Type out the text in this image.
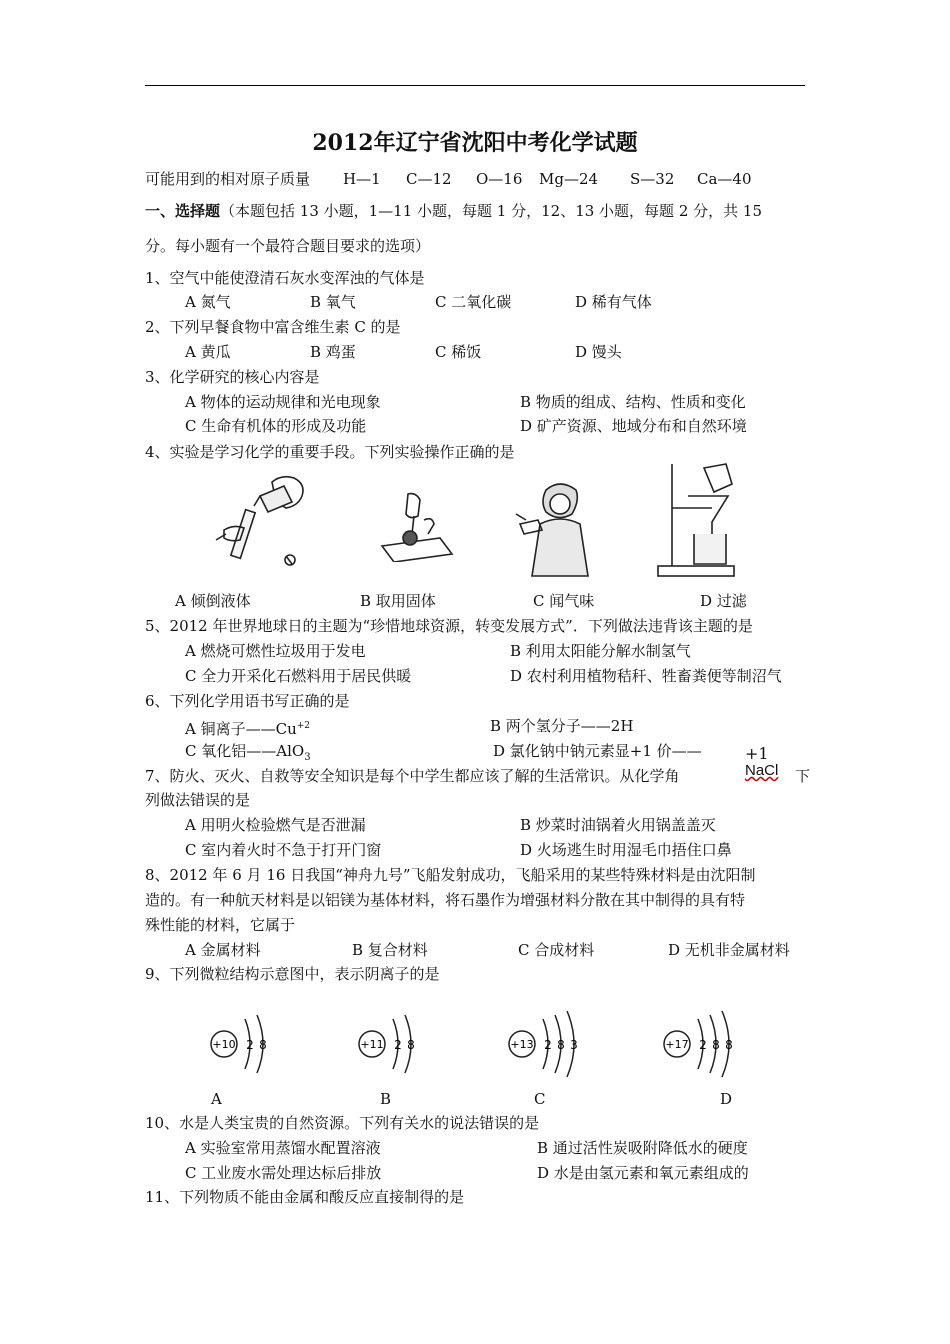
2012年辽宁省沈阳中考化学试题
可能用到的相对原子质量 H—1 C—12 O—16 Mg—24 S—32 Ca—40
一、选择题（本题包括 13 小题，1—11 小题，每题 1 分，12、13 小题，每题 2 分，共 15
分。每小题有一个最符合题目要求的选项）
1、空气中能使澄清石灰水变浑浊的气体是
A 氮气	B 氧气	C 二氧化碳	D 稀有气体
2、下列早餐食物中富含维生素 C 的是
A 黄瓜	B 鸡蛋	C 稀饭	D 馒头
3、化学研究的核心内容是
A 物体的运动规律和光电现象	B 物质的组成、结构、性质和变化
C 生命有机体的形成及功能	D 矿产资源、地域分布和自然环境
4、实验是学习化学的重要手段。下列实验操作正确的是
A 倾倒液体	B 取用固体	C 闻气味	D 过滤
5、2012 年世界地球日的主题为“珍惜地球资源，转变发展方式”．下列做法违背该主题的是
A 燃烧可燃性垃圾用于发电	B 利用太阳能分解水制氢气
C 全力开采化石燃料用于居民供暖	D 农村利用植物秸秆、牲畜粪便等制沼气
6、下列化学用语书写正确的是
A 铜离子$——Cu^{+2}$	B 两个氢分子——2H
C 氧化铝——AlO$_3$	D 氯化钠中钠元素显+1 价——	+1
NaCl
7、防火、灭火、自救等安全知识是每个中学生都应该了解的生活常识。从化学角	下
列做法错误的是
A 用明火检验燃气是否泄漏	B 炒菜时油锅着火用锅盖盖灭
C 室内着火时不急于打开门窗	D 火场逃生时用湿毛巾捂住口鼻
8、2012 年 6 月 16 日我国“神舟九号”飞船发射成功，飞船采用的某些特殊材料是由沈阳制
造的。有一种航天材料是以铝镁为基体材料，将石墨作为增强材料分散在其中制得的具有特
殊性能的材料，它属于
A 金属材料	B 复合材料	C 合成材料	D 无机非金属材料
9、下列微粒结构示意图中，表示阴离子的是
+10 2 8	+11 2 8	+13 2 8 3	+17 2 8 8
A	B	C	D
10、水是人类宝贵的自然资源。下列有关水的说法错误的是
A 实验室常用蒸馏水配置溶液	B 通过活性炭吸附降低水的硬度
C 工业废水需处理达标后排放	D 水是由氢元素和氧元素组成的
11、下列物质不能由金属和酸反应直接制得的是
